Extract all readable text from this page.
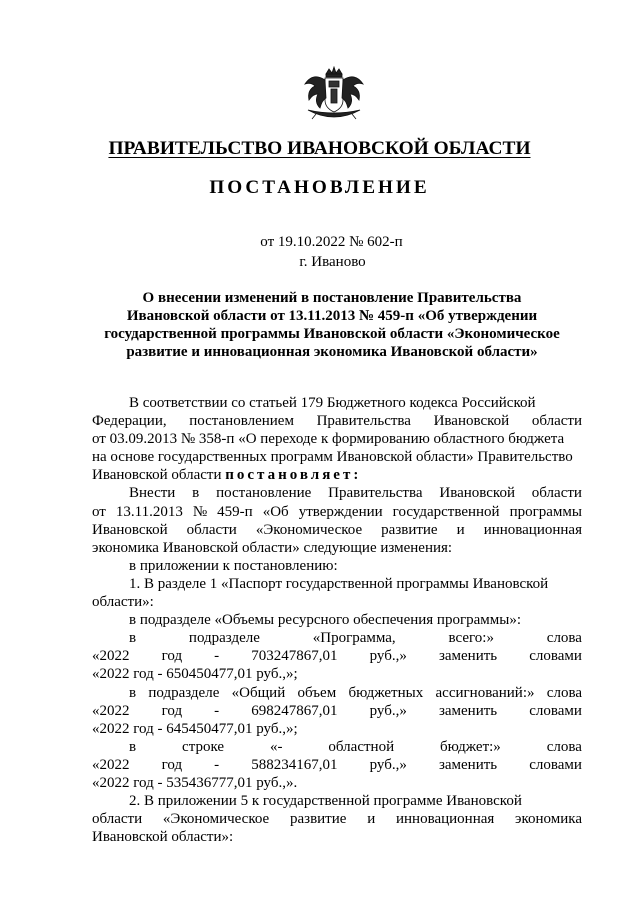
ПРАВИТЕЛЬСТВО ИВАНОВСКОЙ ОБЛАСТИ
ПОСТАНОВЛЕНИЕ
от 19.10.2022 № 602-п
г. Иваново
О внесении изменений в постановление Правительства
Ивановской области от 13.11.2013 № 459-п «Об утверждении
государственной программы Ивановской области «Экономическое
развитие и инновационная экономика Ивановской области»
В соответствии со статьей 179 Бюджетного кодекса Российской
Федерации, постановлением Правительства Ивановской области
от 03.09.2013 № 358-п «О переходе к формированию областного бюджета
на основе государственных программ Ивановской области» Правительство
Ивановской области постановляет:
Внести в постановление Правительства Ивановской области
от 13.11.2013 № 459-п «Об утверждении государственной программы
Ивановской области «Экономическое развитие и инновационная
экономика Ивановской области» следующие изменения:
в приложении к постановлению:
1. В разделе 1 «Паспорт государственной программы Ивановской
области»:
в подразделе «Объемы ресурсного обеспечения программы»:
в	подразделе	«Программа,	всего:»	слова
«2022 год - 703247867,01 руб.,» заменить словами
«2022 год - 650450477,01 руб.,»;
в подразделе «Общий объем бюджетных ассигнований:» слова
«2022 год - 698247867,01 руб.,» заменить словами
«2022 год - 645450477,01 руб.,»;
в	строке	«-	областной	бюджет:»	слова
«2022 год - 588234167,01 руб.,» заменить словами
«2022 год - 535436777,01 руб.,».
2. В приложении 5 к государственной программе Ивановской
области «Экономическое развитие и инновационная экономика
Ивановской области»:
